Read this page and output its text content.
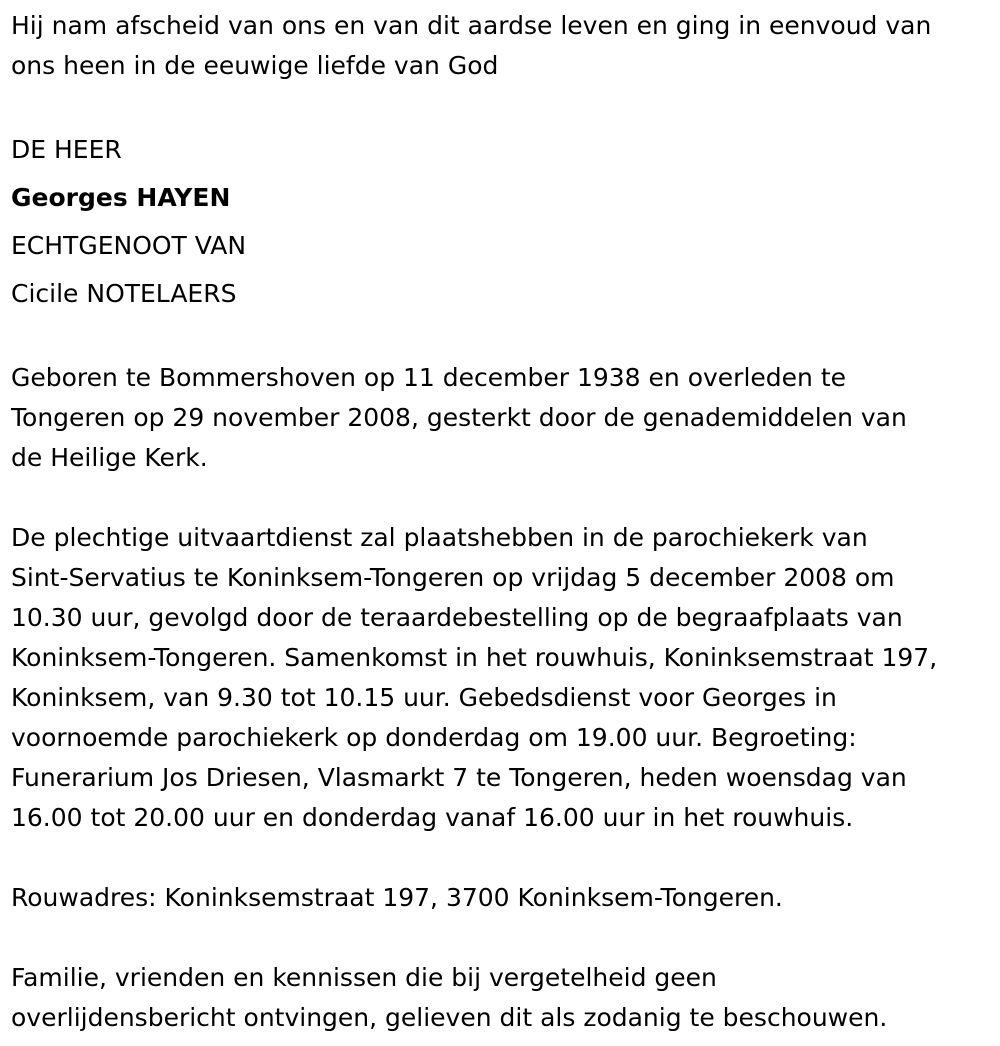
Hij nam afscheid van ons en van dit aardse leven en ging in eenvoud van
ons heen in de eeuwige liefde van God
DE HEER
Georges HAYEN
ECHTGENOOT VAN
Cicile NOTELAERS
Geboren te Bommershoven op 11 december 1938 en overleden te
Tongeren op 29 november 2008, gesterkt door de genademiddelen van
de Heilige Kerk.
De plechtige uitvaartdienst zal plaatshebben in de parochiekerk van
Sint-Servatius te Koninksem-Tongeren op vrijdag 5 december 2008 om
10.30 uur, gevolgd door de teraardebestelling op de begraafplaats van
Koninksem-Tongeren. Samenkomst in het rouwhuis, Koninksemstraat 197,
Koninksem, van 9.30 tot 10.15 uur. Gebedsdienst voor Georges in
voornoemde parochiekerk op donderdag om 19.00 uur. Begroeting:
Funerarium Jos Driesen, Vlasmarkt 7 te Tongeren, heden woensdag van
16.00 tot 20.00 uur en donderdag vanaf 16.00 uur in het rouwhuis.
Rouwadres: Koninksemstraat 197, 3700 Koninksem-Tongeren.
Familie, vrienden en kennissen die bij vergetelheid geen
overlijdensbericht ontvingen, gelieven dit als zodanig te beschouwen.
